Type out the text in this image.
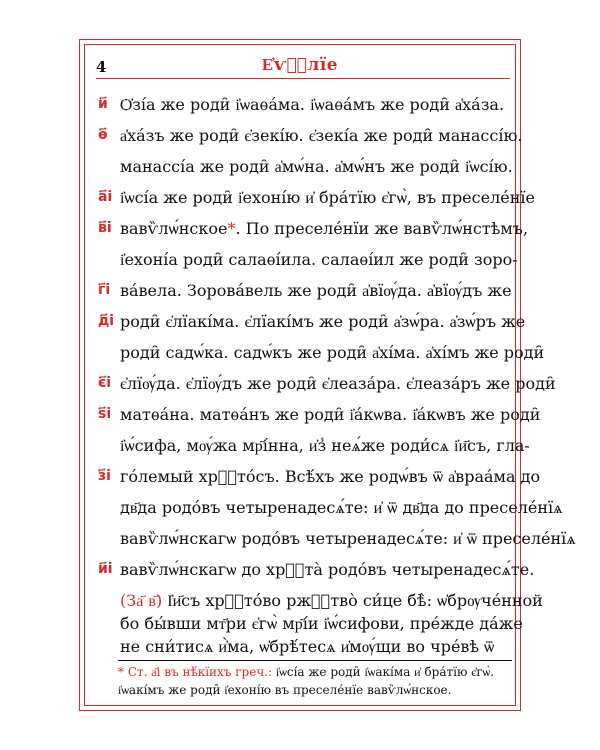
4	Е҆ѵⷢ҇лїе
и҃
ѳ҃
а҃і
в҃і
г҃і
д҃і
є҃і
ѕ҃і
з҃і
и҃і
Ѻ҆зі́а же роди̑ і҆ѡаѳа́ма. і҆ѡаѳа́мъ же роди̑ а҆ха́за.
а҆ха́зъ же роди̑ є҆зекі́ю. є҆зекі́а же роди̑ манассі́ю.
манассі́а же роди̑ а҆мѡ́на. а҆мѡ́нъ же роди̑ і҆ѡсі́ю.
і҆ѡсі́а же роди̑ і҆ехоні́ю и҆ бра́тїю є҆гѡ̀, въ преселе́нїе
вавѷлѡ́нское*. По преселе́нїи же вавѷлѡ́нстѣмъ,
і҆ехоні́а роди̑ салаѳі́ила. салаѳі́ил же роди̑ зоро-
ва́вела. Зорова́вель же роди̑ а҆вїѹ́да. а҆вїѹ́дъ же
роди̑ є҆лїакі́ма. є҆лїакі́мъ же роди̑ а҆зѡ́ра. а҆зѡ́ръ же
роди̑ садѡ́ка. садѡ́къ же роди̑ а҆хі́ма. а҆хі́мъ же роди̑
є҆лїѹ́да. є҆лїѹ́дъ же роди̑ є҆леаза́ра. є҆леаза́ръ же роди̑
матѳа́на. матѳа́нъ же роди̑ і҆а́кѡва. і҆а́кѡвъ же роди̑
і҆ѡ́сифа, мѹ́жа мр҃і́нна, и҆з̾ неѧ́же роди́сѧ і҆и҃съ, гла-
го́лемый хрⷭ҇то́съ. Всѣ́хъ же родѡ́въ ѿ а҆враа́ма до
дв҃да родо́въ четыренадесѧ́те: и҆ ѿ дв҃да до преселе́нїѧ
вавѷлѡ́нскагѡ родо́въ четыренадесѧ́те: и҆ ѿ преселе́нїѧ
вавѷлѡ́нскагѡ до хрⷭ҇та̀ родо́въ четыренадесѧ́те.
(За҃ в҃) І҆и҃съ хрⷭ҇то́во ржⷭ҇тво̀ си́це бѣ̀: ѡ҆брѹче́нной
бо бы́вши мт҃ри є҆гѡ̀ мр҃і́и і҆ѡ́сифови, пре́жде да́же
не сни́тисѧ и҆̀ма, ѡ҆брѣ́тесѧ и҆мѹ́щи во чре́вѣ ѿ
* Ст. а҃і въ нѣ́кїихъ греч.: і҆ѡсі́а же роди̑ і҆ѡакі́ма и҆ бра́тїю є҆гѡ̀.
і҆ѡакі́мъ же роди̑ і҆ехоні́ю въ преселе́нїе вавѷлѡ́нское.
